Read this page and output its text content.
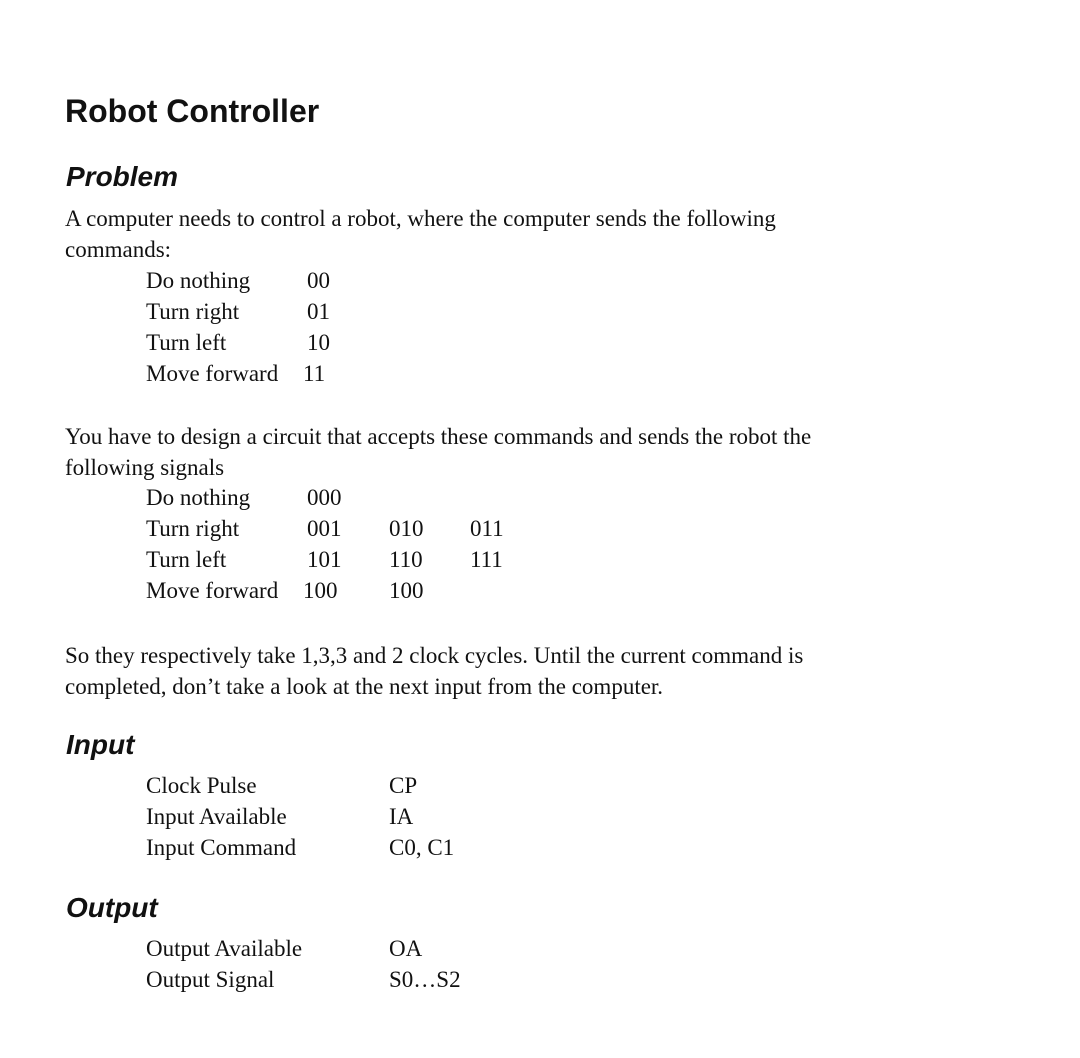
Robot Controller
Problem
A computer needs to control a robot, where the computer sends the following
commands:
Do nothing 00
Turn right	01
Turn left	10
Move forward 11
You have to design a circuit that accepts these commands and sends the robot the
following signals
Do nothing 000
Turn right	001 010 011
Turn left	101 110 111
Move forward 100 100
So they respectively take 1,3,3 and 2 clock cycles. Until the current command is
completed, don’t take a look at the next input from the computer.
Input
Clock Pulse	CP
Input Available	IA
Input Command	C0, C1
Output
Output Available	OA
Output Signal	S0…S2
